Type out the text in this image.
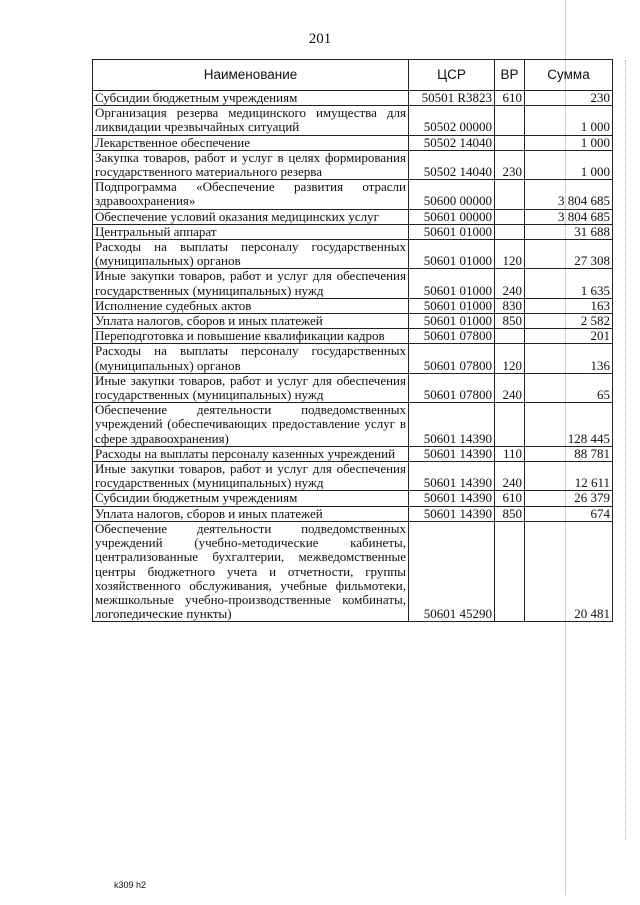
201
Наименование	ЦСР	ВР	Сумма
Субсидии бюджетным учреждениям	50501 R3823	610	230
Организация резерва медицинского имущества для ликвидации чрезвычайных ситуаций	50502 00000		1 000
Лекарственное обеспечение	50502 14040		1 000
Закупка товаров, работ и услуг в целях формирования государственного материального резерва	50502 14040	230	1 000
Подпрограмма «Обеспечение развития отрасли здравоохранения»	50600 00000		3 804 685
Обеспечение условий оказания медицинских услуг	50601 00000		3 804 685
Центральный аппарат	50601 01000		31 688
Расходы на выплаты персоналу государственных (муниципальных) органов	50601 01000	120	27 308
Иные закупки товаров, работ и услуг для обеспечения государственных (муниципальных) нужд	50601 01000	240	1 635
Исполнение судебных актов	50601 01000	830	163
Уплата налогов, сборов и иных платежей	50601 01000	850	2 582
Переподготовка и повышение квалификации кадров	50601 07800		201
Расходы на выплаты персоналу государственных (муниципальных) органов	50601 07800	120	136
Иные закупки товаров, работ и услуг для обеспечения государственных (муниципальных) нужд	50601 07800	240	65
Обеспечение деятельности подведомственных учреждений (обеспечивающих предоставление услуг в сфере здравоохранения)	50601 14390		128 445
Расходы на выплаты персоналу казенных учреждений	50601 14390	110	88 781
Иные закупки товаров, работ и услуг для обеспечения государственных (муниципальных) нужд	50601 14390	240	12 611
Субсидии бюджетным учреждениям	50601 14390	610	26 379
Уплата налогов, сборов и иных платежей	50601 14390	850	674
Обеспечение деятельности подведомственных учреждений (учебно-методические кабинеты, централизованные бухгалтерии, межведомственные центры бюджетного учета и отчетности, группы хозяйственного обслуживания, учебные фильмотеки, межшкольные учебно-производственные комбинаты, логопедические пункты)	50601 45290		20 481
k309 h2
